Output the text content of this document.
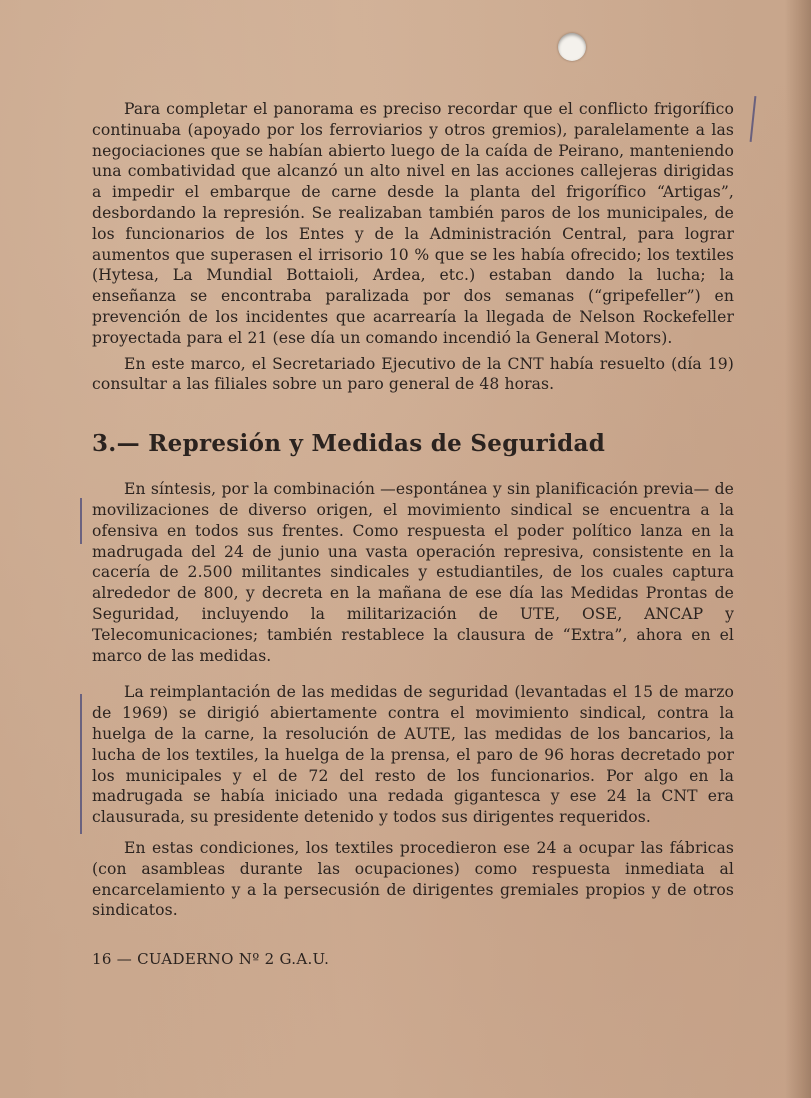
Para completar el panorama es preciso recordar que el conflicto frigorífico continuaba (apoyado por los ferroviarios y otros gremios), paralelamente a las negociaciones que se habían abierto luego de la caída de Peirano, manteniendo una combatividad que alcanzó un alto nivel en las acciones callejeras dirigidas a impedir el embarque de carne desde la planta del frigorífico “Artigas”, desbordando la represión. Se realizaban también paros de los municipales, de los funcionarios de los Entes y de la Administración Central, para lograr aumentos que superasen el irrisorio 10 % que se les había ofrecido; los textiles (Hytesa, La Mundial Bottaioli, Ardea, etc.) estaban dando la lucha; la enseñanza se encontraba paralizada por dos semanas (“gripefeller”) en prevención de los incidentes que acarrearía la llegada de Nelson Rockefeller proyectada para el 21 (ese día un comando incendió la General Motors).

En este marco, el Secretariado Ejecutivo de la CNT había resuelto (día 19) consultar a las filiales sobre un paro general de 48 horas.

3.— Represión y Medidas de Seguridad

En síntesis, por la combinación —espontánea y sin planificación previa— de movilizaciones de diverso origen, el movimiento sindical se encuentra a la ofensiva en todos sus frentes. Como respuesta el poder político lanza en la madrugada del 24 de junio una vasta operación represiva, consistente en la cacería de 2.500 militantes sindicales y estudiantiles, de los cuales captura alrededor de 800, y decreta en la mañana de ese día las Medidas Prontas de Seguridad, incluyendo la militarización de UTE, OSE, ANCAP y Telecomunicaciones; también restablece la clausura de “Extra”, ahora en el marco de las medidas.

La reimplantación de las medidas de seguridad (levantadas el 15 de marzo de 1969) se dirigió abiertamente contra el movimiento sindical, contra la huelga de la carne, la resolución de AUTE, las medidas de los bancarios, la lucha de los textiles, la huelga de la prensa, el paro de 96 horas decretado por los municipales y el de 72 del resto de los funcionarios. Por algo en la madrugada se había iniciado una redada gigantesca y ese 24 la CNT era clausurada, su presidente detenido y todos sus dirigentes requeridos.

En estas condiciones, los textiles procedieron ese 24 a ocupar las fábricas (con asambleas durante las ocupaciones) como respuesta inmediata al encarcelamiento y a la persecusión de dirigentes gremiales propios y de otros sindicatos.

16 — CUADERNO Nº 2 G.A.U.
